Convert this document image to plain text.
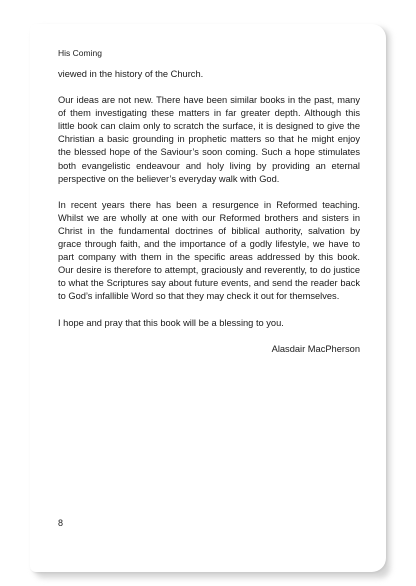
His Coming

viewed in the history of the Church.

Our ideas are not new. There have been similar books in the past, many of them investigating these matters in far greater depth. Although this little book can claim only to scratch the surface, it is designed to give the Christian a basic grounding in prophetic matters so that he might enjoy the blessed hope of the Saviour’s soon coming. Such a hope stimulates both evangelistic endeavour and holy living by providing an eternal perspective on the believer’s everyday walk with God.

In recent years there has been a resurgence in Reformed teaching. Whilst we are wholly at one with our Reformed brothers and sisters in Christ in the fundamental doctrines of biblical authority, salvation by grace through faith, and the importance of a godly lifestyle, we have to part company with them in the specific areas addressed by this book. Our desire is therefore to attempt, graciously and reverently, to do justice to what the Scriptures say about future events, and send the reader back to God’s infallible Word so that they may check it out for themselves.

I hope and pray that this book will be a blessing to you.

Alasdair MacPherson
8
